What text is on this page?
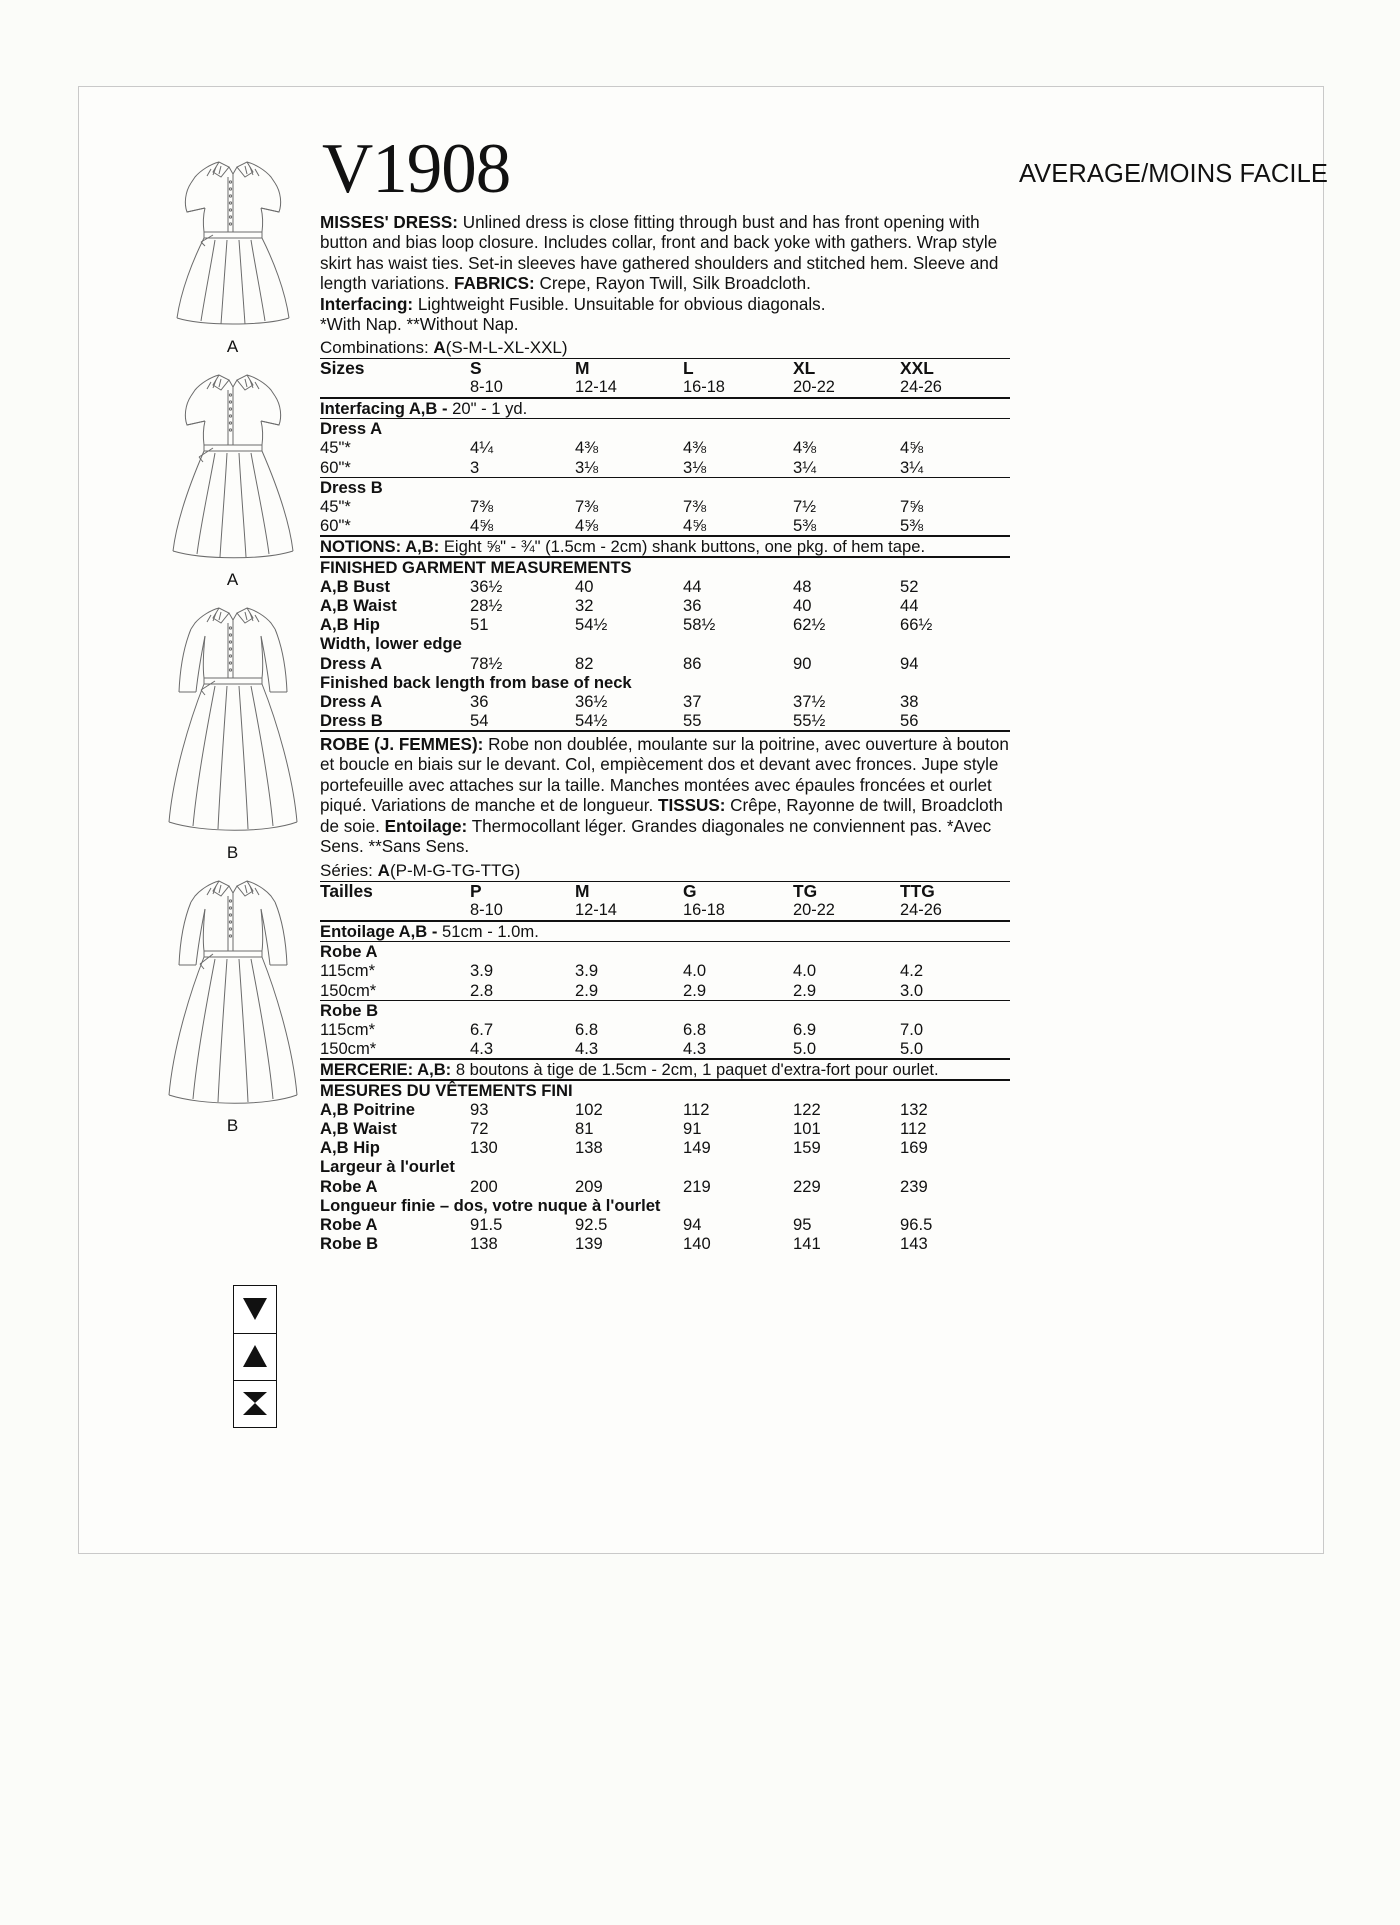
V1908	AVERAGE/MOINS FACILE
A
A
B
B
MISSES' DRESS: Unlined dress is close fitting through bust and has front opening with button and bias loop closure. Includes collar, front and back yoke with gathers. Wrap style skirt has waist ties. Set-in sleeves have gathered shoulders and stitched hem. Sleeve and length variations. FABRICS: Crepe, Rayon Twill, Silk Broadcloth.
Interfacing: Lightweight Fusible. Unsuitable for obvious diagonals.
*With Nap. **Without Nap.
Combinations: A(S-M-L-XL-XXL)					

Sizes	S	M	L	XL	XXL
	8-10	12-14	16-18	20-22	24-26

Interfacing A,B - 20" - 1 yd.					

Dress A					
45"*	4¼	4⅜	4⅜	4⅜	4⅝
60"*	3	3⅛	3⅛	3¼	3¼

Dress B					
45"*	7⅜	7⅜	7⅜	7½	7⅝
60"*	4⅝	4⅝	4⅝	5⅜	5⅜

NOTIONS: A,B: Eight ⅝" - ¾" (1.5cm - 2cm) shank buttons, one pkg. of hem tape.					

FINISHED GARMENT MEASUREMENTS					
A,B Bust	36½	40	44	48	52
A,B Waist	28½	32	36	40	44
A,B Hip	51	54½	58½	62½	66½
Width, lower edge					
Dress A	78½	82	86	90	94
Finished back length from base of neck					
Dress A	36	36½	37	37½	38
Dress B	54	54½	55	55½	56

ROBE (J. FEMMES): Robe non doublée, moulante sur la poitrine, avec ouverture à bouton et boucle en biais sur le devant. Col, empiècement dos et devant avec fronces. Jupe style portefeuille avec attaches sur la taille. Manches montées avec épaules froncées et ourlet piqué. Variations de manche et de longueur. TISSUS: Crêpe, Rayonne de twill, Broadcloth de soie. Entoilage: Thermocollant léger. Grandes diagonales ne conviennent pas. *Avec Sens. **Sans Sens.
Séries: A(P-M-G-TG-TTG)					

Tailles	P	M	G	TG	TTG
	8-10	12-14	16-18	20-22	24-26

Entoilage A,B - 51cm - 1.0m.					

Robe A					
115cm*	3.9	3.9	4.0	4.0	4.2
150cm*	2.8	2.9	2.9	2.9	3.0

Robe B					
115cm*	6.7	6.8	6.8	6.9	7.0
150cm*	4.3	4.3	4.3	5.0	5.0

MERCERIE: A,B: 8 boutons à tige de 1.5cm - 2cm, 1 paquet d'extra-fort pour ourlet.					

MESURES DU VÊTEMENTS FINI					
A,B Poitrine	93	102	112	122	132
A,B Waist	72	81	91	101	112
A,B Hip	130	138	149	159	169
Largeur à l'ourlet					
Robe A	200	209	219	229	239
Longueur finie – dos, votre nuque à l'ourlet					
Robe A	91.5	92.5	94	95	96.5
Robe B	138	139	140	141	143
